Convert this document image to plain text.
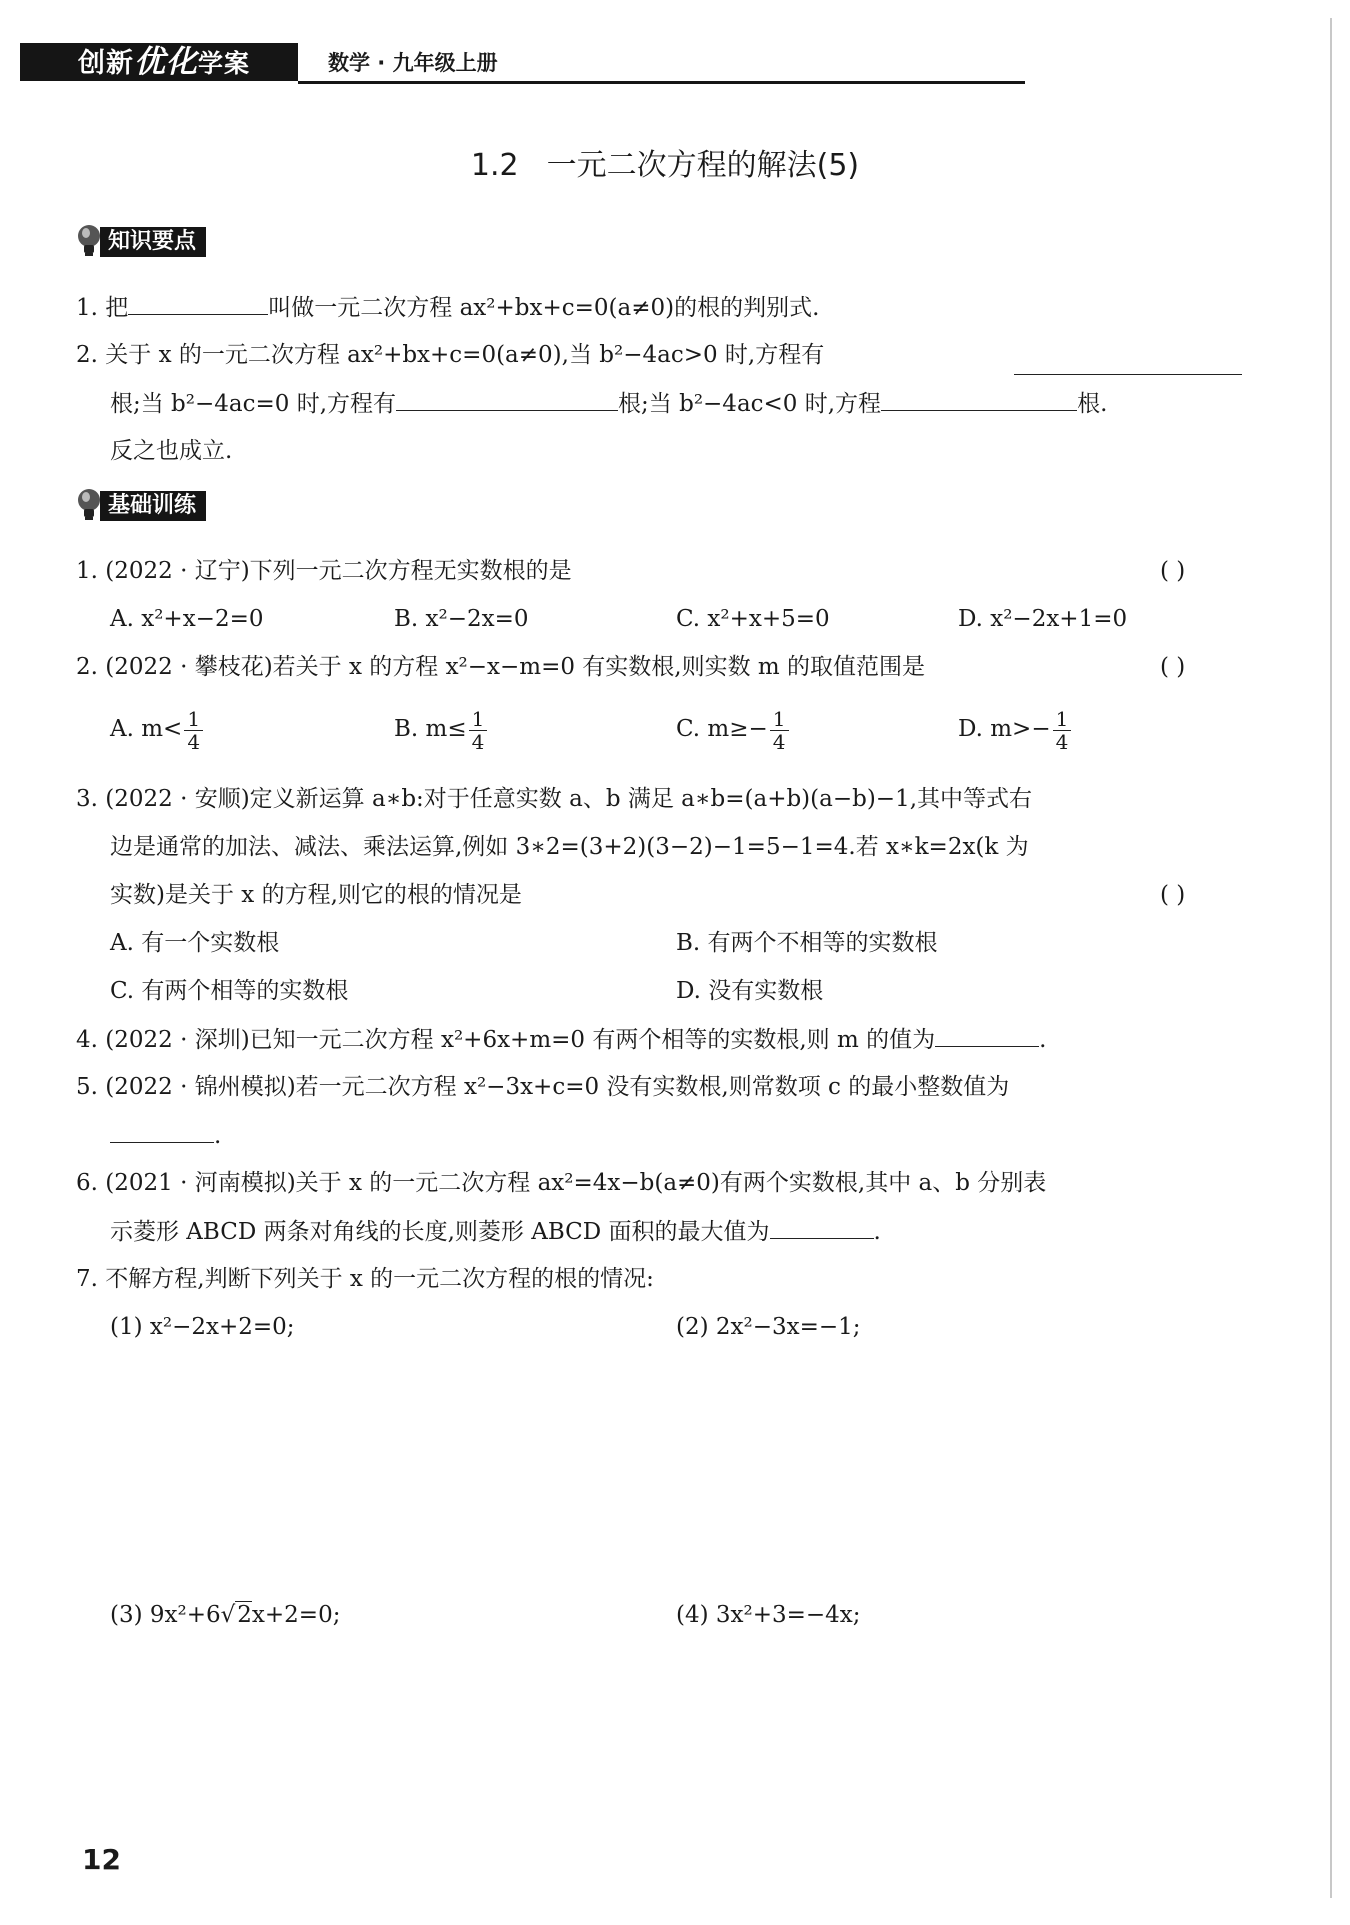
创新优化学案	数学 · 九年级上册
1.2 一元二次方程的解法(5)
知识要点
1. 把	叫做一元二次方程 ax²+bx+c=0(a≠0)的根的判别式.
2. 关于 x 的一元二次方程 ax²+bx+c=0(a≠0),当 b²−4ac>0 时,方程有
根;当 b²−4ac=0 时,方程有	根;当 b²−4ac<0 时,方程	根.
反之也成立.
基础训练
1. (2022 · 辽宁)下列一元二次方程无实数根的是	( )
A. x²+x−2=0	B. x²−2x=0	C. x²+x+5=0	D. x²−2x+1=0
2. (2022 · 攀枝花)若关于 x 的方程 x²−x−m=0 有实数根,则实数 m 的取值范围是	( )
A. $m< \frac{1}{4}$	B. $m\le \frac{1}{4}$	C. $m\ge- \frac{1}{4}$	D. $m>- \frac{1}{4}$
3. (2022 · 安顺)定义新运算 a∗b:对于任意实数 a、b 满足 a∗b=(a+b)(a−b)−1,其中等式右
边是通常的加法、减法、乘法运算,例如 3∗2=(3+2)(3−2)−1=5−1=4.若 x∗k=2x(k 为
实数)是关于 x 的方程,则它的根的情况是	( )
A. 有一个实数根	B. 有两个不相等的实数根
C. 有两个相等的实数根	D. 没有实数根
4. (2022 · 深圳)已知一元二次方程 x²+6x+m=0 有两个相等的实数根,则 m 的值为	.
5. (2022 · 锦州模拟)若一元二次方程 x²−3x+c=0 没有实数根,则常数项 c 的最小整数值为
.
6. (2021 · 河南模拟)关于 x 的一元二次方程 ax²=4x−b(a≠0)有两个实数根,其中 a、b 分别表
示菱形 ABCD 两条对角线的长度,则菱形 ABCD 面积的最大值为	.
7. 不解方程,判断下列关于 x 的一元二次方程的根的情况:
(1) x²−2x+2=0;	(2) 2x²−3x=−1;
(3) 9x²+6√2x+2=0;	(4) 3x²+3=−4x;
12
